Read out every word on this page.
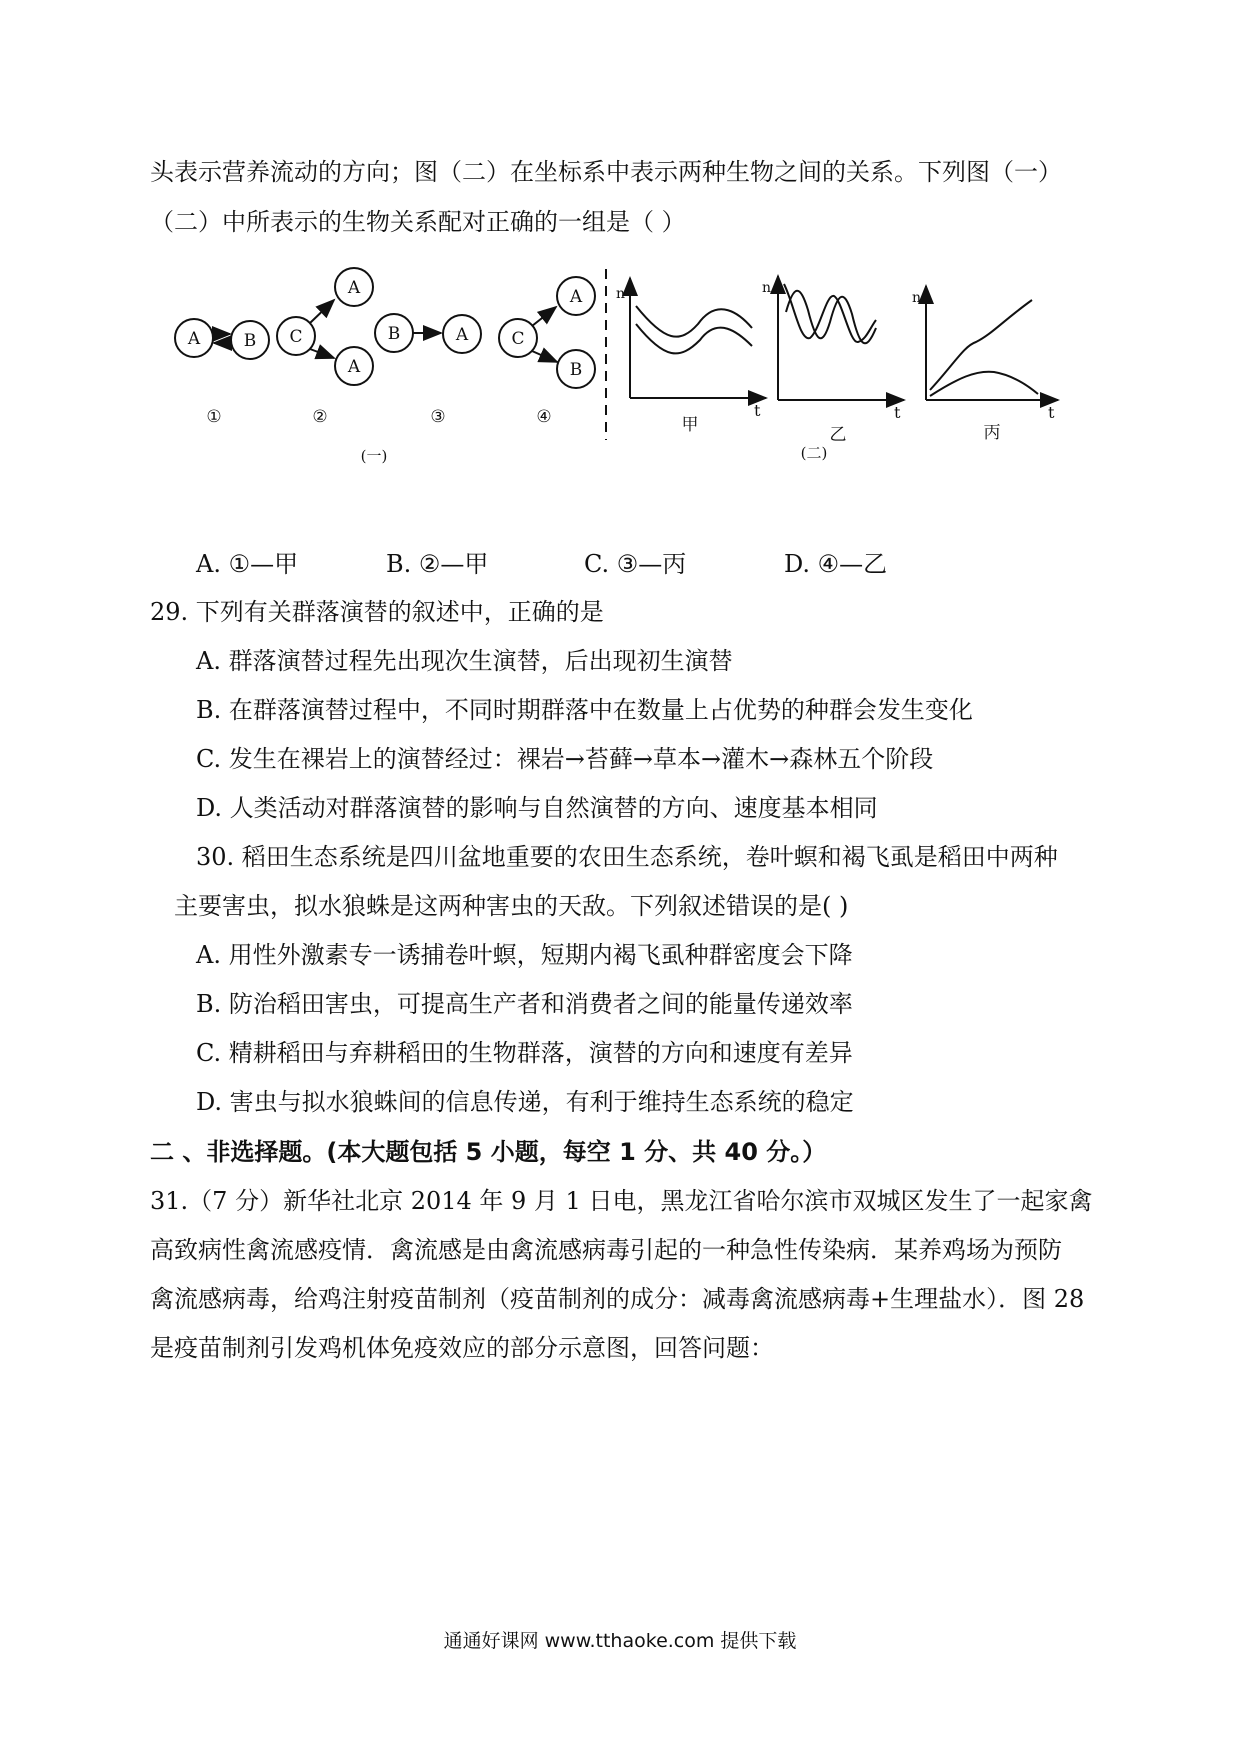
头表示营养流动的方向；图（二）在坐标系中表示两种生物之间的关系。下列图（一）
（二）中所表示的生物关系配对正确的一组是（ ）
A	B
①
C
A
A
②
B	A
③
C
A
B
④
(一)
n
t
甲
n
t
乙
(二)
n
t
丙
A. ①—甲	B. ②—甲	C. ③—丙	D. ④—乙
29. 下列有关群落演替的叙述中，正确的是
A. 群落演替过程先出现次生演替，后出现初生演替
B. 在群落演替过程中，不同时期群落中在数量上占优势的种群会发生变化
C. 发生在裸岩上的演替经过：裸岩→苔藓→草本→灌木→森林五个阶段
D. 人类活动对群落演替的影响与自然演替的方向、速度基本相同
30. 稻田生态系统是四川盆地重要的农田生态系统，卷叶螟和褐飞虱是稻田中两种
主要害虫，拟水狼蛛是这两种害虫的天敌。下列叙述错误的是( )
A. 用性外激素专一诱捕卷叶螟，短期内褐飞虱种群密度会下降
B. 防治稻田害虫，可提高生产者和消费者之间的能量传递效率
C. 精耕稻田与弃耕稻田的生物群落，演替的方向和速度有差异
D. 害虫与拟水狼蛛间的信息传递，有利于维持生态系统的稳定
二 、非选择题。(本大题包括 5 小题，每空 1 分、共 40 分。）
31.（7 分）新华社北京 2014 年 9 月 1 日电，黑龙江省哈尔滨市双城区发生了一起家禽
高致病性禽流感疫情．禽流感是由禽流感病毒引起的一种急性传染病．某养鸡场为预防
禽流感病毒，给鸡注射疫苗制剂（疫苗制剂的成分：减毒禽流感病毒+生理盐水）．图 28
是疫苗制剂引发鸡机体免疫效应的部分示意图，回答问题：
通通好课网 www.tthaoke.com 提供下载
